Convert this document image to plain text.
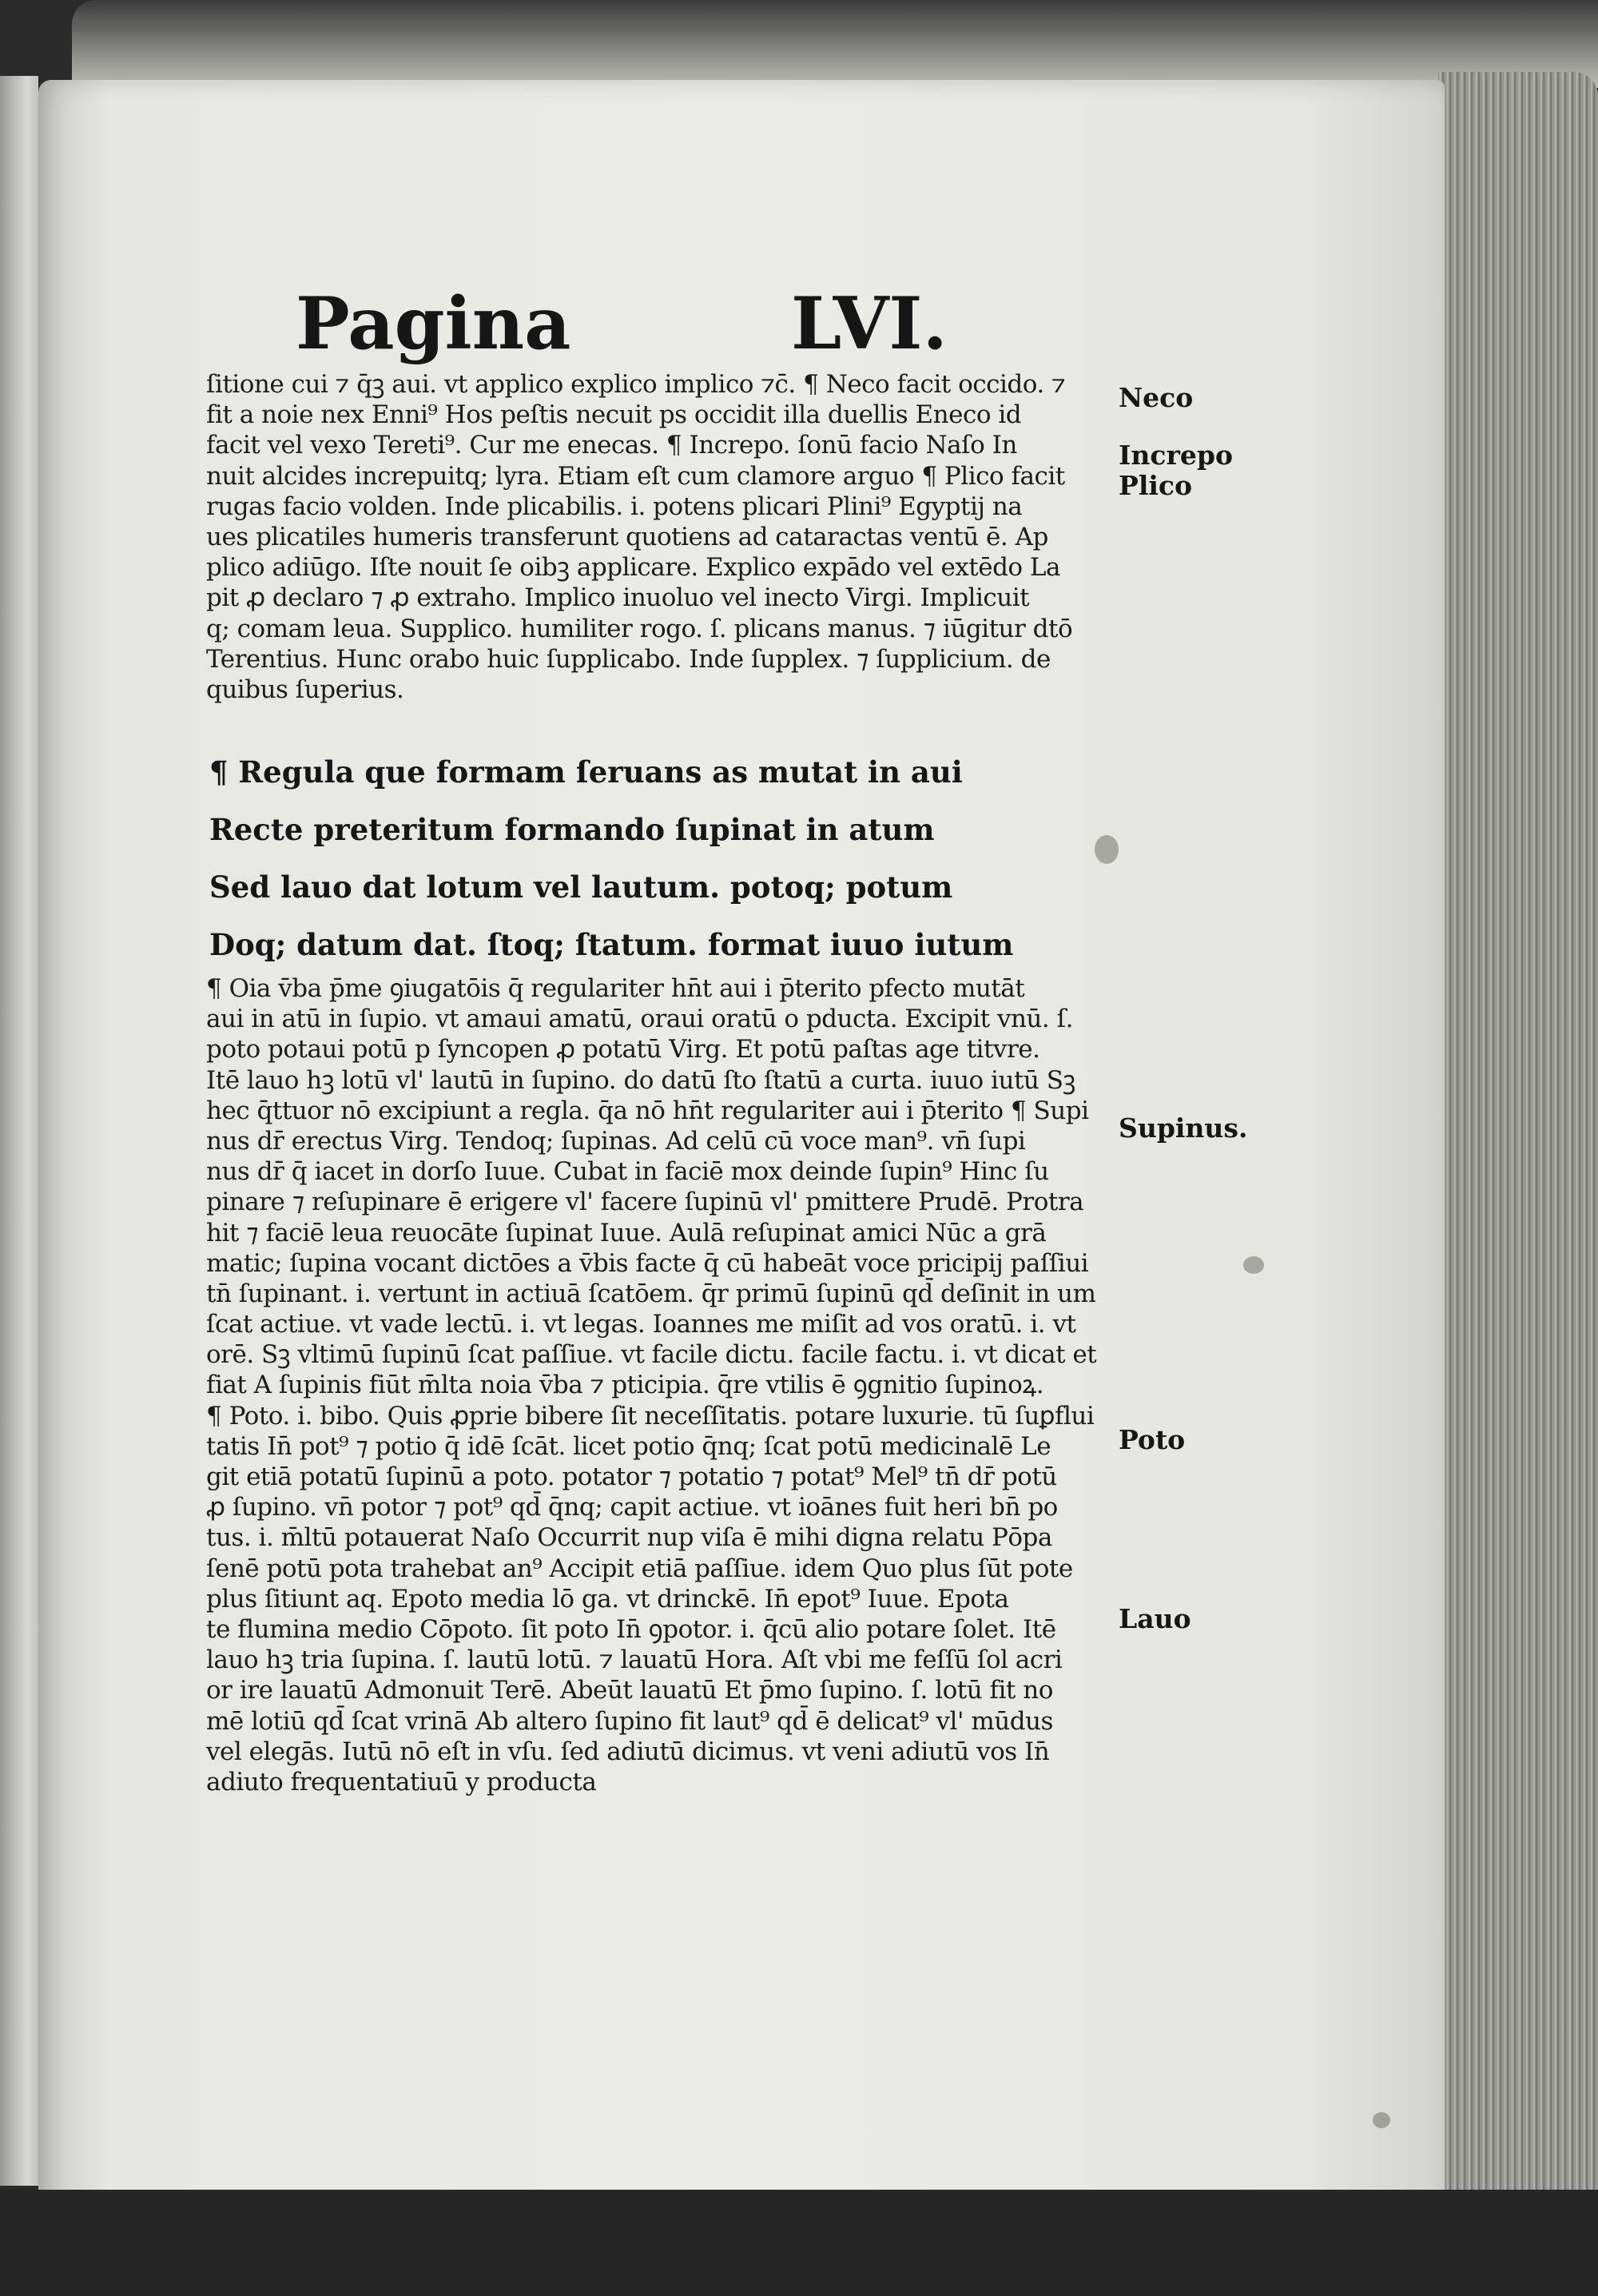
Pagina	LVI.
ſitione cui ⁊ q̄ꝫ aui. vt applico explico implico ⁊c̄. ¶ Neco facit occido. ⁊
fit a noie nex Enni⁹ Hos peſtis necuit ps occidit illa duellis Eneco id
facit vel vexo Tereti⁹. Cur me enecas. ¶ Increpo. ſonū facio Naſo In
nuit alcides increpuitq; lyra. Etiam eſt cum clamore arguo ¶ Plico facit
rugas facio volden. Inde plicabilis. i. potens plicari Plini⁹ Egyptij na
ues plicatiles humeris transferunt quotiens ad cataractas ventū ē. Ap
plico adiūgo. Iſte nouit ſe oibꝫ applicare. Explico expādo vel extēdo La
pit ꝓ declaro ⁊ ꝓ extraho. Implico inuoluo vel inecto Virgi. Implicuit
q; comam leua. Supplico. humiliter rogo. ſ. plicans manus. ⁊ iūgitur dtō
Terentius. Hunc orabo huic ſupplicabo. Inde ſupplex. ⁊ ſupplicium. de
quibus ſuperius.
¶ Regula que formam ſeruans as mutat in aui
Recte preteritum formando ſupinat in atum
Sed lauo dat lotum vel lautum. potoq; potum
Doq; datum dat. ſtoq; ſtatum. format iuuo iutum
¶ Oia v̄ba p̄me ꝯiugatōis q̄ regulariter hn̄t aui i p̄terito pfecto mutāt
aui in atū in ſupio. vt amaui amatū, oraui oratū o pducta. Excipit vnū. ſ.
poto potaui potū p ſyncopen ꝓ potatū Virg. Et potū paſtas age titvre.
Itē lauo hꝫ lotū vl' lautū in ſupino. do datū ſto ſtatū a curta. iuuo iutū Sꝫ
hec q̄ttuor nō excipiunt a regla. q̄a nō hn̄t regulariter aui i p̄terito ¶ Supi
nus dr̄ erectus Virg. Tendoq; ſupinas. Ad celū cū voce man⁹. vn̄ ſupi
nus dr̄ q̄ iacet in dorſo Iuue. Cubat in faciē mox deinde ſupin⁹ Hinc ſu
pinare ⁊ reſupinare ē erigere vl' facere ſupinū vl' pmittere Prudē. Protra
hit ⁊ faciē leua reuocāte ſupinat Iuue. Aulā reſupinat amici Nūc a grā
matic; ſupina vocant dictōes a v̄bis facte q̄ cū habeāt voce pricipij paſſiui
tn̄ ſupinant. i. vertunt in actiuā ſcatōem. q̄r primū ſupinū qd̄ deſinit in um
ſcat actiue. vt vade lectū. i. vt legas. Ioannes me miſit ad vos oratū. i. vt
orē. Sꝫ vltimū ſupinū ſcat paſſiue. vt facile dictu. facile factu. i. vt dicat et
fiat A ſupinis fiūt m̄lta noia v̄ba ⁊ pticipia. q̄re vtilis ē ꝯgnitio ſupinoꝝ.
¶ Poto. i. bibo. Quis ꝓprie bibere ſit neceſſitatis. potare luxurie. tū ſuꝑflui
tatis In̄ pot⁹ ⁊ potio q̄ idē ſcāt. licet potio q̄nq; ſcat potū medicinalē Le
git etiā potatū ſupinū a poto. potator ⁊ potatio ⁊ potat⁹ Mel⁹ tn̄ dr̄ potū
ꝓ ſupino. vn̄ potor ⁊ pot⁹ qd̄ q̄nq; capit actiue. vt ioānes fuit heri bn̄ po
tus. i. m̄ltū potauerat Naſo Occurrit nup viſa ē mihi digna relatu Pōpa
ſenē potū pota trahebat an⁹ Accipit etiā paſſiue. idem Quo plus ſūt pote
plus ſitiunt aq. Epoto media lō ga. vt drinckē. In̄ epot⁹ Iuue. Epota
te flumina medio Cōpoto. ſit poto In̄ ꝯpotor. i. q̄cū alio potare ſolet. Itē
lauo hꝫ tria ſupina. ſ. lautū lotū. ⁊ lauatū Hora. Aſt vbi me feſſū ſol acri
or ire lauatū Admonuit Terē. Abeūt lauatū Et p̄mo ſupino. ſ. lotū fit no
mē lotiū qd̄ ſcat vrinā Ab altero ſupino fit laut⁹ qd̄ ē delicat⁹ vl' mūdus
vel elegās. Iutū nō eſt in vſu. ſed adiutū dicimus. vt veni adiutū vos In̄
adiuto frequentatiuū y producta
Neco
Increpo
Plico
Supinus.
Poto
Lauo
